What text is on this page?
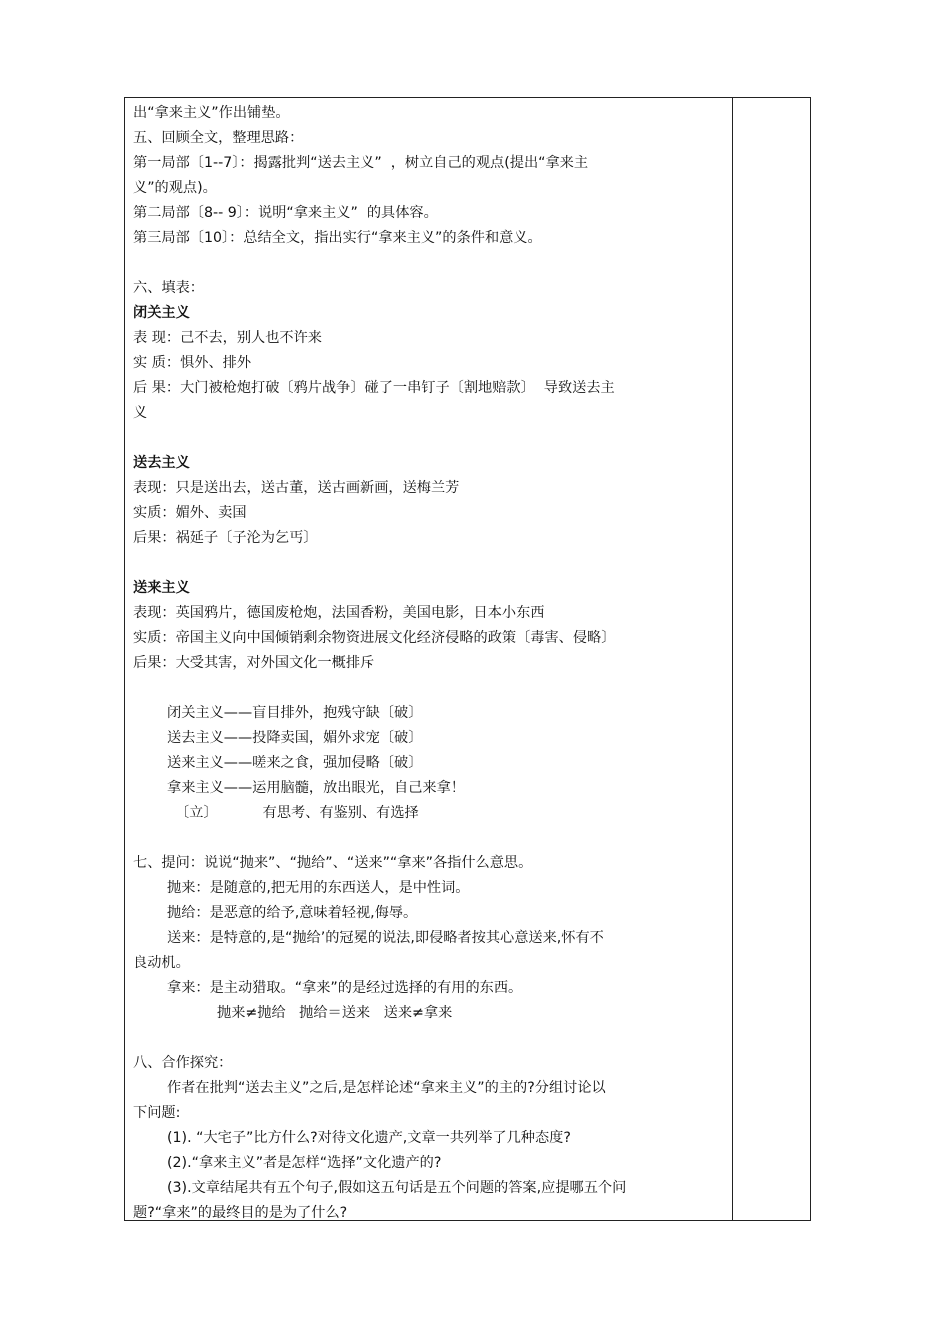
出“拿来主义”作出铺垫。
五、回顾全文，整理思路：
第一局部〔1--7〕：揭露批判“送去主义”  ，树立自己的观点(提出“拿来主
义”的观点)。
第二局部〔8-- 9〕：说明“拿来主义”  的具体容。
第三局部〔10〕：总结全文，指出实行“拿来主义”的条件和意义。
六、填表：
闭关主义
表 现：己不去，别人也不许来
实 质：惧外、排外
后 果：大门被枪炮打破〔鸦片战争〕碰了一串钉子〔割地赔款〕  导致送去主
义
送去主义
表现：只是送出去，送古董，送古画新画，送梅兰芳
实质：媚外、卖国
后果：祸延子〔子沦为乞丐〕
送来主义
表现：英国鸦片，德国废枪炮，法国香粉，美国电影，日本小东西
实质：帝国主义向中国倾销剩余物资进展文化经济侵略的政策〔毒害、侵略〕
后果：大受其害，对外国文化一概排斥
闭关主义——盲目排外，抱残守缺〔破〕
送去主义——投降卖国，媚外求宠〔破〕
送来主义——嗟来之食，强加侵略〔破〕
拿来主义——运用脑髓，放出眼光，自己来拿！
〔立〕          有思考、有鉴别、有选择
七、提问：说说“抛来”、“抛给”、“送来”“拿来”各指什么意思。
抛来：是随意的,把无用的东西送人，是中性词。
抛给：是恶意的给予,意味着轻视,侮辱。
送来：是特意的,是“抛给’的冠冕的说法,即侵略者按其心意送来,怀有不
良动机。
拿来：是主动猎取。“拿来”的是经过选择的有用的东西。
抛来≠抛给   抛给＝送来   送来≠拿来
八、合作探究：
作者在批判“送去主义”之后,是怎样论述“拿来主义”的主的?分组讨论以
下问题:
(1). “大宅子”比方什么?对待文化遗产,文章一共列举了几种态度?
(2).“拿来主义”者是怎样“选择”文化遗产的?
(3).文章结尾共有五个句子,假如这五句话是五个问题的答案,应提哪五个问
题?“拿来”的最终目的是为了什么?
